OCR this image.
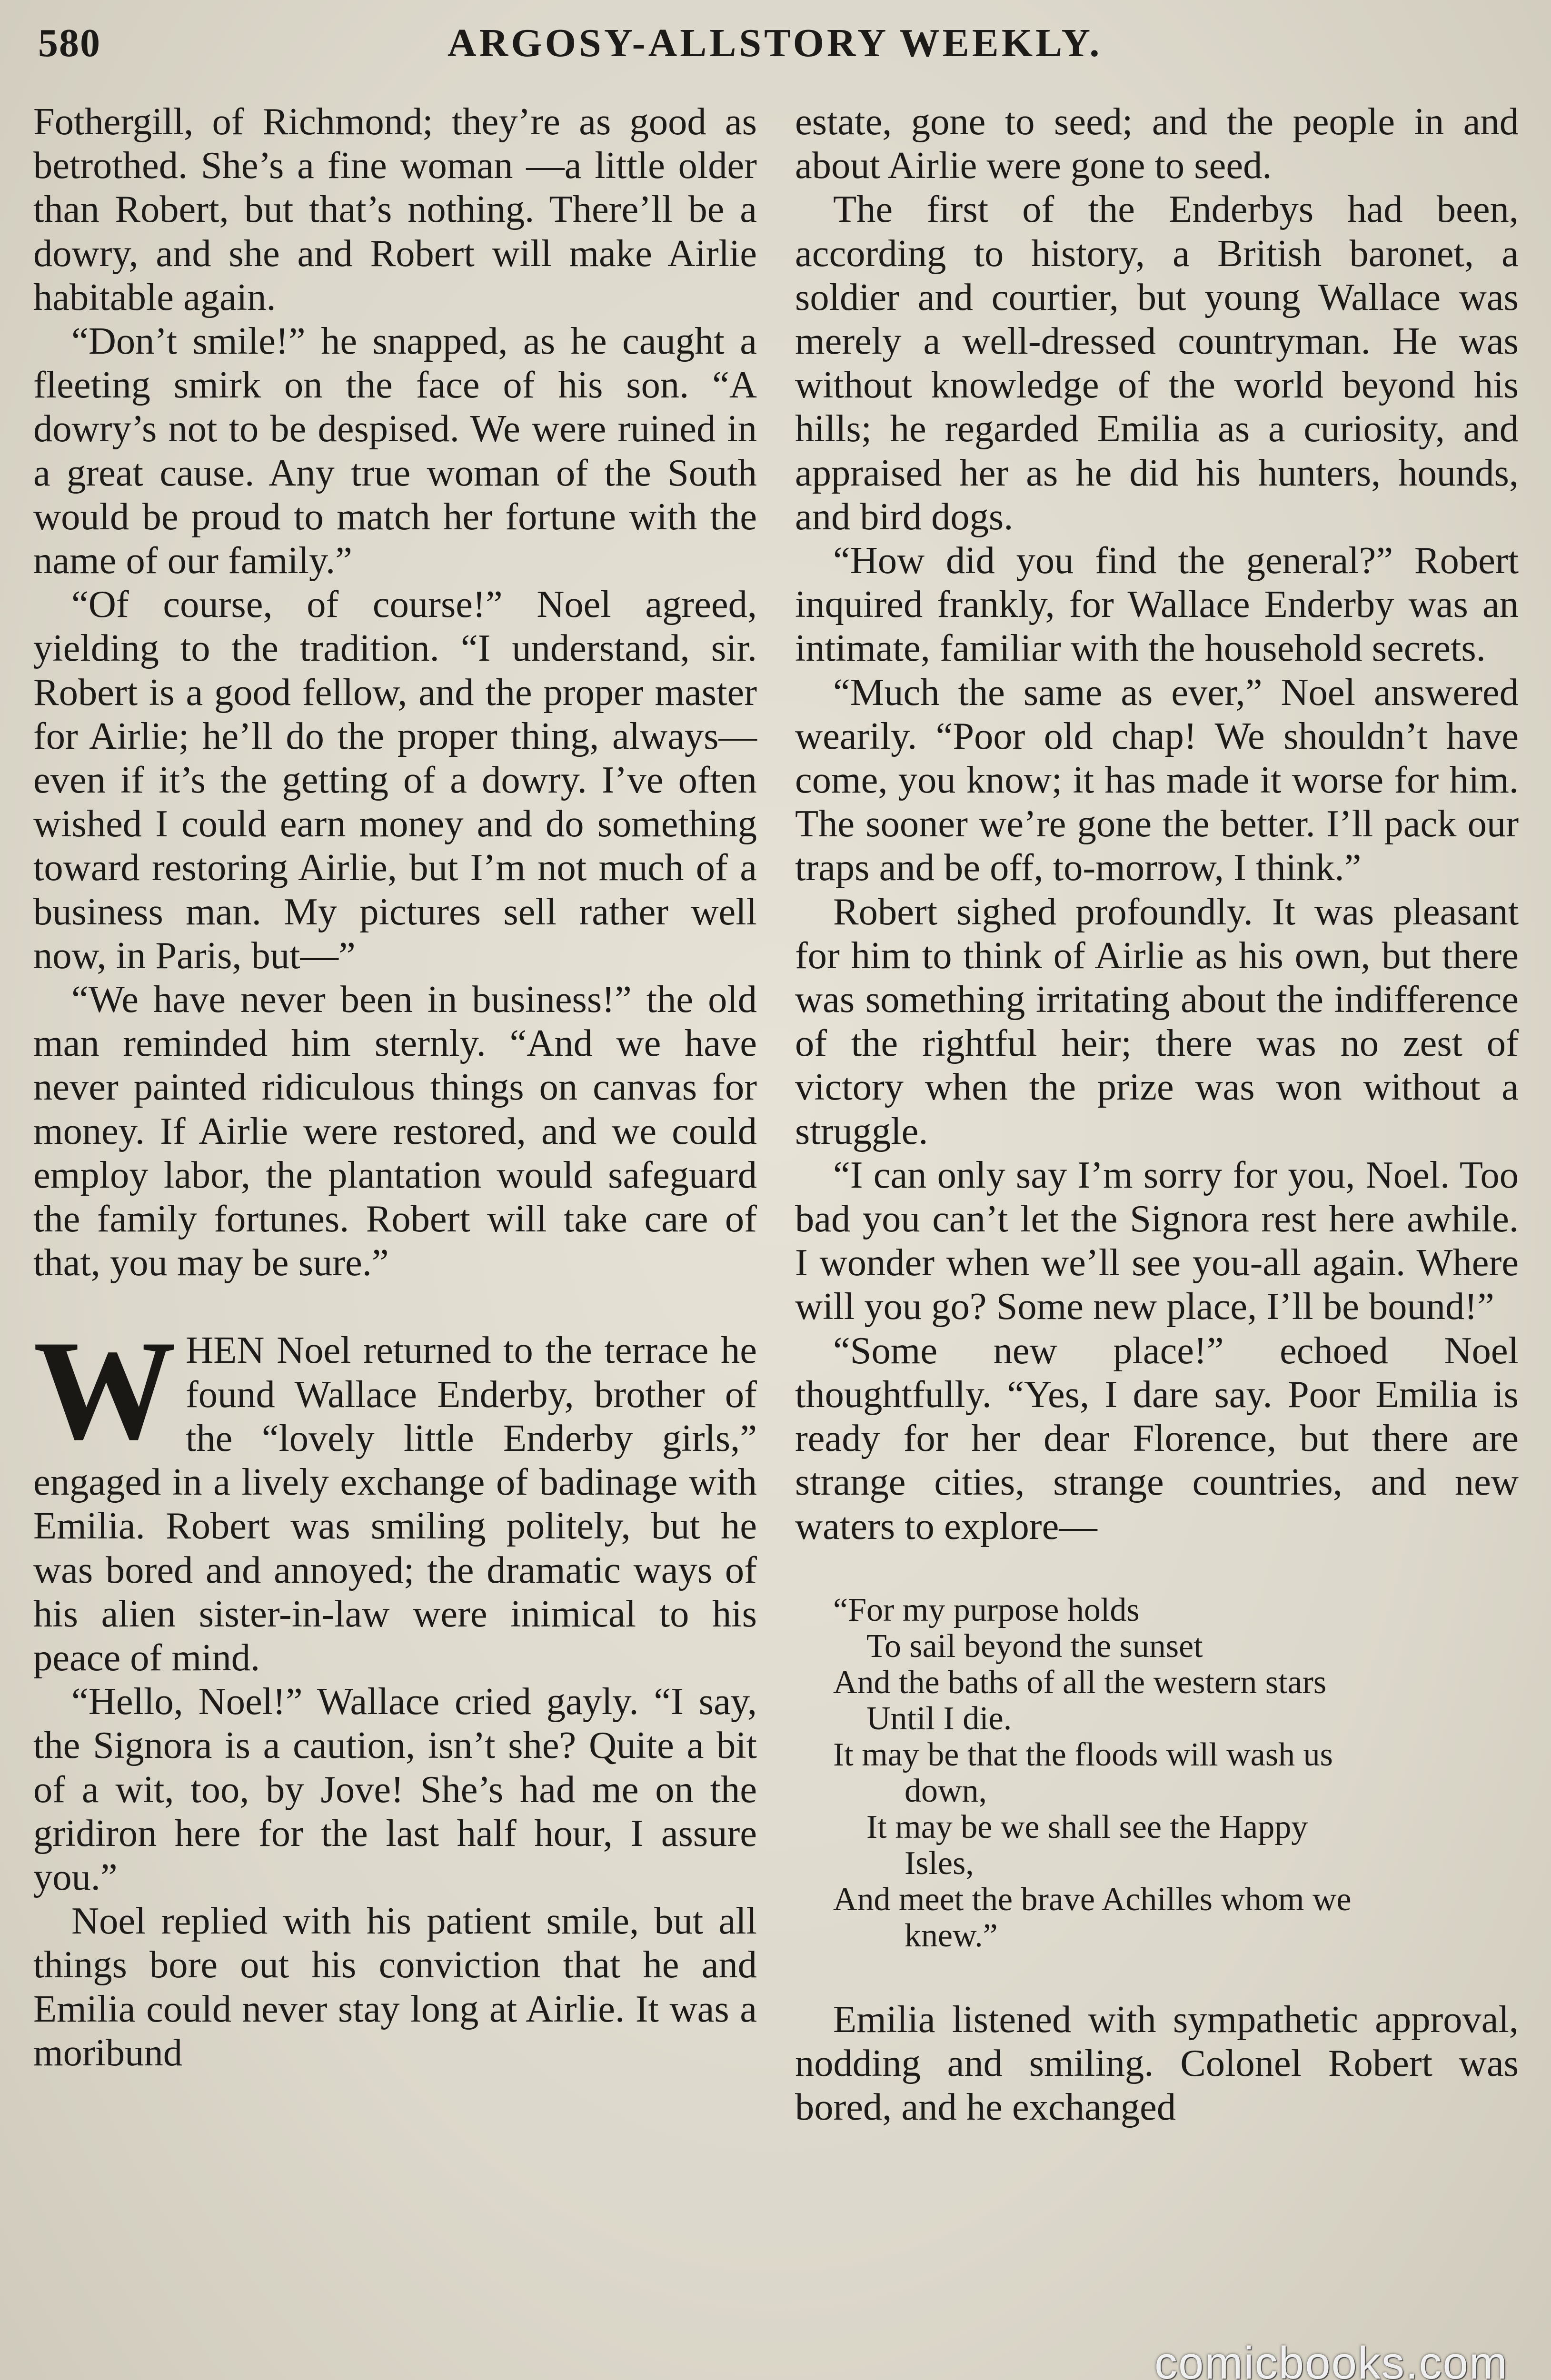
580	ARGOSY-ALLSTORY WEEKLY.

Fothergill, of Richmond; they’re as good as betrothed. She’s a fine woman —a little older than Robert, but that’s nothing. There’ll be a dowry, and she and Robert will make Airlie habitable again.

“Don’t smile!” he snapped, as he caught a fleeting smirk on the face of his son. “A dowry’s not to be despised. We were ruined in a great cause. Any true woman of the South would be proud to match her fortune with the name of our family.”

“Of course, of course!” Noel agreed, yielding to the tradition. “I understand, sir. Robert is a good fellow, and the proper master for Airlie; he’ll do the proper thing, always—even if it’s the getting of a dowry. I’ve often wished I could earn money and do something toward restoring Airlie, but I’m not much of a business man. My pictures sell rather well now, in Paris, but—”

“We have never been in business!” the old man reminded him sternly. “And we have never painted ridiculous things on canvas for money. If Airlie were restored, and we could employ labor, the plantation would safeguard the family fortunes. Robert will take care of that, you may be sure.”

WHEN Noel returned to the terrace he found Wallace Enderby, brother of the “lovely little Enderby girls,” engaged in a lively exchange of badinage with Emilia. Robert was smiling politely, but he was bored and annoyed; the dramatic ways of his alien sister-in-law were inimical to his peace of mind.

“Hello, Noel!” Wallace cried gayly. “I say, the Signora is a caution, isn’t she? Quite a bit of a wit, too, by Jove! She’s had me on the gridiron here for the last half hour, I assure you.”

Noel replied with his patient smile, but all things bore out his conviction that he and Emilia could never stay long at Airlie. It was a moribund

estate, gone to seed; and the people in and about Airlie were gone to seed.

The first of the Enderbys had been, according to history, a British baronet, a soldier and courtier, but young Wallace was merely a well-dressed countryman. He was without knowledge of the world beyond his hills; he regarded Emilia as a curiosity, and appraised her as he did his hunters, hounds, and bird dogs.

“How did you find the general?” Robert inquired frankly, for Wallace Enderby was an intimate, familiar with the household secrets.

“Much the same as ever,” Noel answered wearily. “Poor old chap! We shouldn’t have come, you know; it has made it worse for him. The sooner we’re gone the better. I’ll pack our traps and be off, to-morrow, I think.”

Robert sighed profoundly. It was pleasant for him to think of Airlie as his own, but there was something irritating about the indifference of the rightful heir; there was no zest of victory when the prize was won without a struggle.

“I can only say I’m sorry for you, Noel. Too bad you can’t let the Signora rest here awhile. I wonder when we’ll see you-all again. Where will you go? Some new place, I’ll be bound!”

“Some new place!” echoed Noel thoughtfully. “Yes, I dare say. Poor Emilia is ready for her dear Florence, but there are strange cities, strange countries, and new waters to explore—

“For my purpose holds
To sail beyond the sunset
And the baths of all the western stars
Until I die.
It may be that the floods will wash us
down,
It may be we shall see the Happy
Isles,
And meet the brave Achilles whom we
knew.”

Emilia listened with sympathetic approval, nodding and smiling. Colonel Robert was bored, and he exchanged

comicbooks.com
